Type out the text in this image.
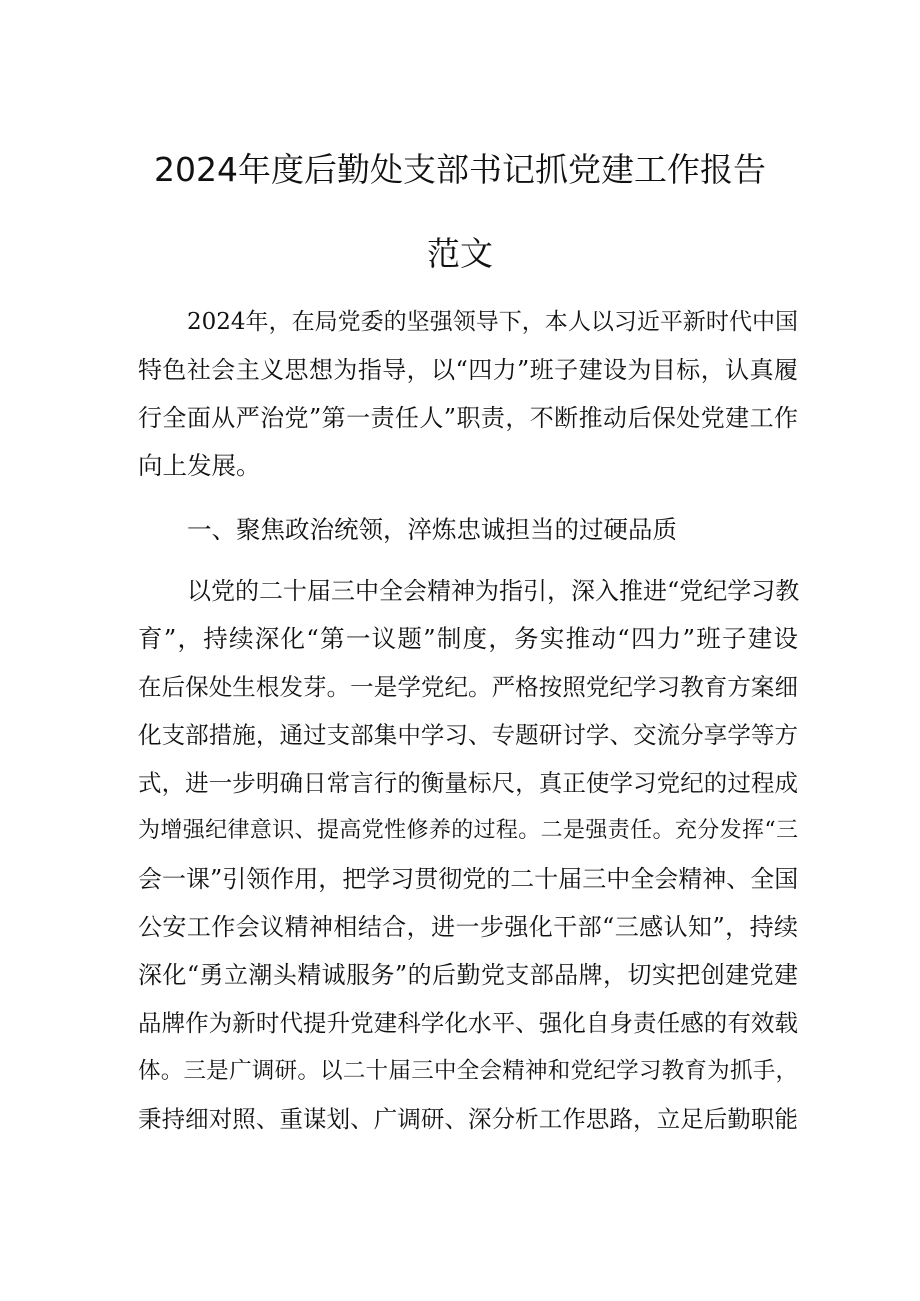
2024年度后勤处支部书记抓党建工作报告
范文
2024年，在局党委的坚强领导下，本人以习近平新时代中国
特色社会主义思想为指导，以“四力”班子建设为目标，认真履
行全面从严治党”第一责任人”职责，不断推动后保处党建工作
向上发展。
一、聚焦政治统领，淬炼忠诚担当的过硬品质
以党的二十届三中全会精神为指引，深入推进“党纪学习教
育”，持续深化“第一议题”制度，务实推动“四力”班子建设
在后保处生根发芽。一是学党纪。严格按照党纪学习教育方案细
化支部措施，通过支部集中学习、专题研讨学、交流分享学等方
式，进一步明确日常言行的衡量标尺，真正使学习党纪的过程成
为增强纪律意识、提高党性修养的过程。二是强责任。充分发挥“三
会一课”引领作用，把学习贯彻党的二十届三中全会精神、全国
公安工作会议精神相结合，进一步强化干部“三感认知”，持续
深化“勇立潮头精诚服务”的后勤党支部品牌，切实把创建党建
品牌作为新时代提升党建科学化水平、强化自身责任感的有效载
体。三是广调研。以二十届三中全会精神和党纪学习教育为抓手，
秉持细对照、重谋划、广调研、深分析工作思路，立足后勤职能
